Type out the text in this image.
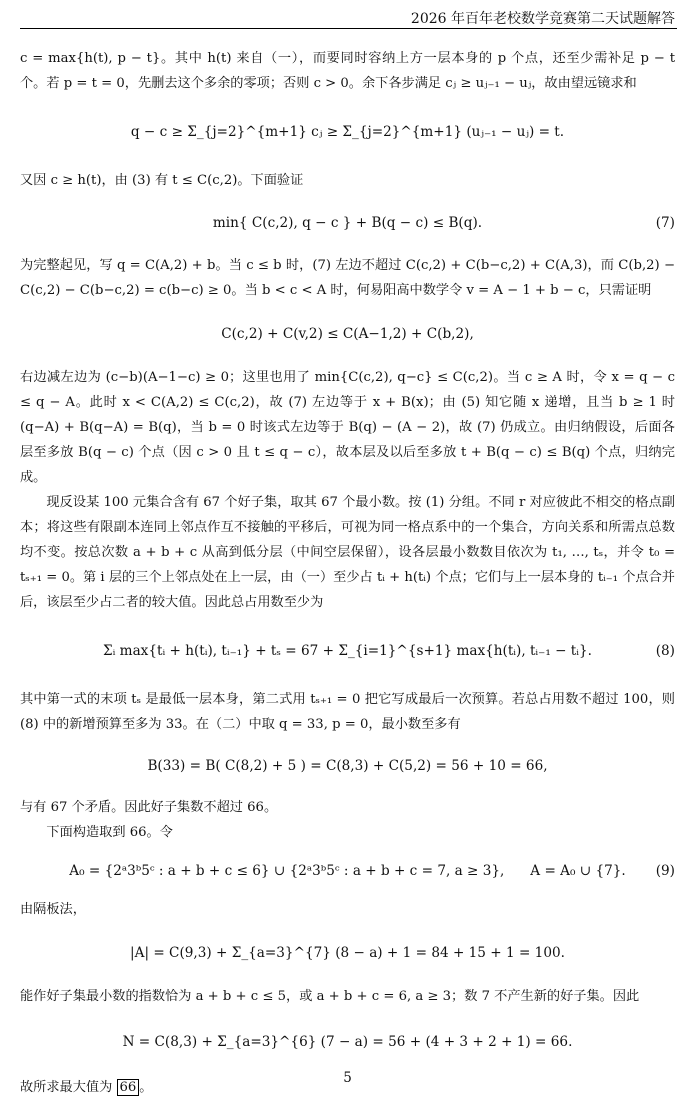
2026 年百年老校数学竞赛第二天试题解答

c = max{h(t), p − t}。其中 h(t) 来自（一），而要同时容纳上方一层本身的 p 个点，还至少需补足 p − t 个。若 p = t = 0，先删去这个多余的零项；否则 c > 0。余下各步满足 cⱼ ≥ uⱼ₋₁ − uⱼ，故由望远镜求和

q − c ≥ Σ_{j=2}^{m+1} cⱼ ≥ Σ_{j=2}^{m+1} (uⱼ₋₁ − uⱼ) = t.

又因 c ≥ h(t)，由 (3) 有 t ≤ C(c,2)。下面验证

min{ C(c,2), q − c } + B(q − c) ≤ B(q).	(7)

为完整起见，写 q = C(A,2) + b。当 c ≤ b 时，(7) 左边不超过 C(c,2) + C(b−c,2) + C(A,3)，而 C(b,2) − C(c,2) − C(b−c,2) = c(b−c) ≥ 0。当 b < c < A 时，何易阳高中数学令 v = A − 1 + b − c，只需证明

C(c,2) + C(v,2) ≤ C(A−1,2) + C(b,2),

右边减左边为 (c−b)(A−1−c) ≥ 0；这里也用了 min{C(c,2), q−c} ≤ C(c,2)。当 c ≥ A 时，令 x = q − c ≤ q − A。此时 x < C(A,2) ≤ C(c,2)，故 (7) 左边等于 x + B(x)；由 (5) 知它随 x 递增，且当 b ≥ 1 时 (q−A) + B(q−A) = B(q)，当 b = 0 时该式左边等于 B(q) − (A − 2)，故 (7) 仍成立。由归纳假设，后面各层至多放 B(q − c) 个点（因 c > 0 且 t ≤ q − c），故本层及以后至多放 t + B(q − c) ≤ B(q) 个点，归纳完成。

现反设某 100 元集合含有 67 个好子集，取其 67 个最小数。按 (1) 分组。不同 r 对应彼此不相交的格点副本；将这些有限副本连同上邻点作互不接触的平移后，可视为同一格点系中的一个集合，方向关系和所需点总数均不变。按总次数 a + b + c 从高到低分层（中间空层保留），设各层最小数数目依次为 t₁, …, tₛ，并令 t₀ = tₛ₊₁ = 0。第 i 层的三个上邻点处在上一层，由（一）至少占 tᵢ + h(tᵢ) 个点；它们与上一层本身的 tᵢ₋₁ 个点合并后，该层至少占二者的较大值。因此总占用数至少为

Σᵢ max{tᵢ + h(tᵢ), tᵢ₋₁} + tₛ = 67 + Σ_{i=1}^{s+1} max{h(tᵢ), tᵢ₋₁ − tᵢ}.	(8)

其中第一式的末项 tₛ 是最低一层本身，第二式用 tₛ₊₁ = 0 把它写成最后一次预算。若总占用数不超过 100，则 (8) 中的新增预算至多为 33。在（二）中取 q = 33, p = 0，最小数至多有

B(33) = B( C(8,2) + 5 ) = C(8,3) + C(5,2) = 56 + 10 = 66,

与有 67 个矛盾。因此好子集数不超过 66。

下面构造取到 66。令

A₀ = {2ᵃ3ᵇ5ᶜ : a + b + c ≤ 6} ∪ {2ᵃ3ᵇ5ᶜ : a + b + c = 7, a ≥ 3},      A = A₀ ∪ {7}.	(9)

由隔板法，

|A| = C(9,3) + Σ_{a=3}^{7} (8 − a) + 1 = 84 + 15 + 1 = 100.

能作好子集最小数的指数恰为 a + b + c ≤ 5，或 a + b + c = 6, a ≥ 3；数 7 不产生新的好子集。因此

N = C(8,3) + Σ_{a=3}^{6} (7 − a) = 56 + (4 + 3 + 2 + 1) = 66.

故所求最大值为 66 。

5
